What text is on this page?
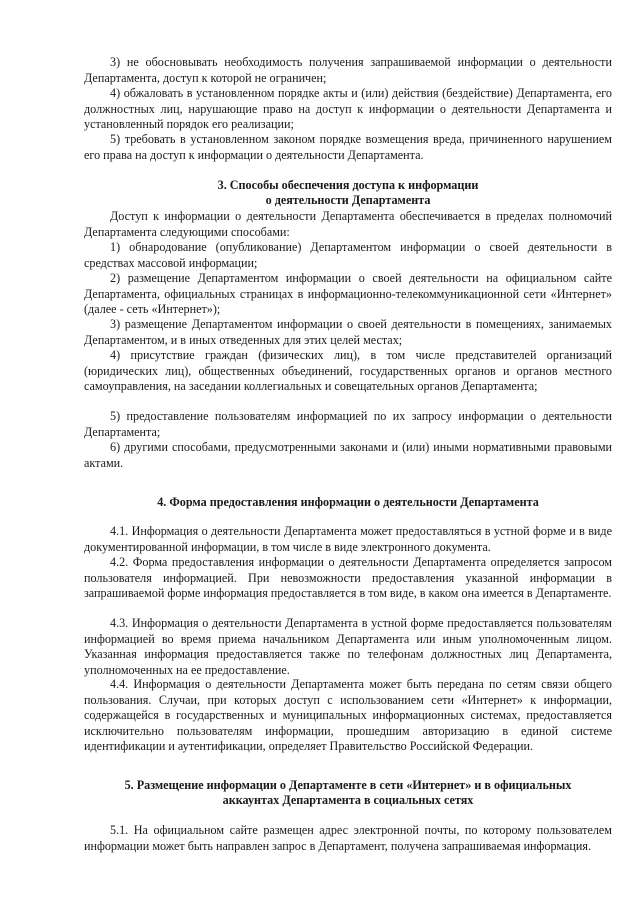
3) не обосновывать необходимость получения запрашиваемой информации о деятельности Департамента, доступ к которой не ограничен;

4) обжаловать в установленном порядке акты и (или) действия (бездействие) Департамента, его должностных лиц, нарушающие право на доступ к информации о деятельности Департамента и установленный порядок его реализации;

5) требовать в установленном законом порядке возмещения вреда, причиненного нарушением его права на доступ к информации о деятельности Департамента.

3. Способы обеспечения доступа к информации

о деятельности Департамента

Доступ к информации о деятельности Департамента обеспечивается в пределах полномочий Департамента следующими способами:

1) обнародование (опубликование) Департаментом информации о своей деятельности в средствах массовой информации;

2) размещение Департаментом информации о своей деятельности на официальном сайте Департамента, официальных страницах в информационно-телекоммуникационной сети «Интернет» (далее - сеть «Интернет»);

3) размещение Департаментом информации о своей деятельности в помещениях, занимаемых Департаментом, и в иных отведенных для этих целей местах;

4) присутствие граждан (физических лиц), в том числе представителей организаций (юридических лиц), общественных объединений, государственных органов и органов местного самоуправления, на заседании коллегиальных и совещательных органов Департамента;

5) предоставление пользователям информацией по их запросу информации о деятельности Департамента;

6) другими способами, предусмотренными законами и (или) иными нормативными правовыми актами.

4. Форма предоставления информации о деятельности Департамента

4.1. Информация о деятельности Департамента может предоставляться в устной форме и в виде документированной информации, в том числе в виде электронного документа.

4.2. Форма предоставления информации о деятельности Департамента определяется запросом пользователя информацией. При невозможности предоставления указанной информации в запрашиваемой форме информация предоставляется в том виде, в каком она имеется в Департаменте.

4.3. Информация о деятельности Департамента в устной форме предоставляется пользователям информацией во время приема начальником Департамента или иным уполномоченным лицом. Указанная информация предоставляется также по телефонам должностных лиц Департамента, уполномоченных на ее предоставление.

4.4. Информация о деятельности Департамента может быть передана по сетям связи общего пользования. Случаи, при которых доступ с использованием сети «Интернет» к информации, содержащейся в государственных и муниципальных информационных системах, предоставляется исключительно пользователям информации, прошедшим авторизацию в единой системе идентификации и аутентификации, определяет Правительство Российской Федерации.

5. Размещение информации о Департаменте в сети «Интернет» и в официальных

аккаунтах Департамента в социальных сетях

5.1. На официальном сайте размещен адрес электронной почты, по которому пользователем информации может быть направлен запрос в Департамент, получена запрашиваемая информация.
